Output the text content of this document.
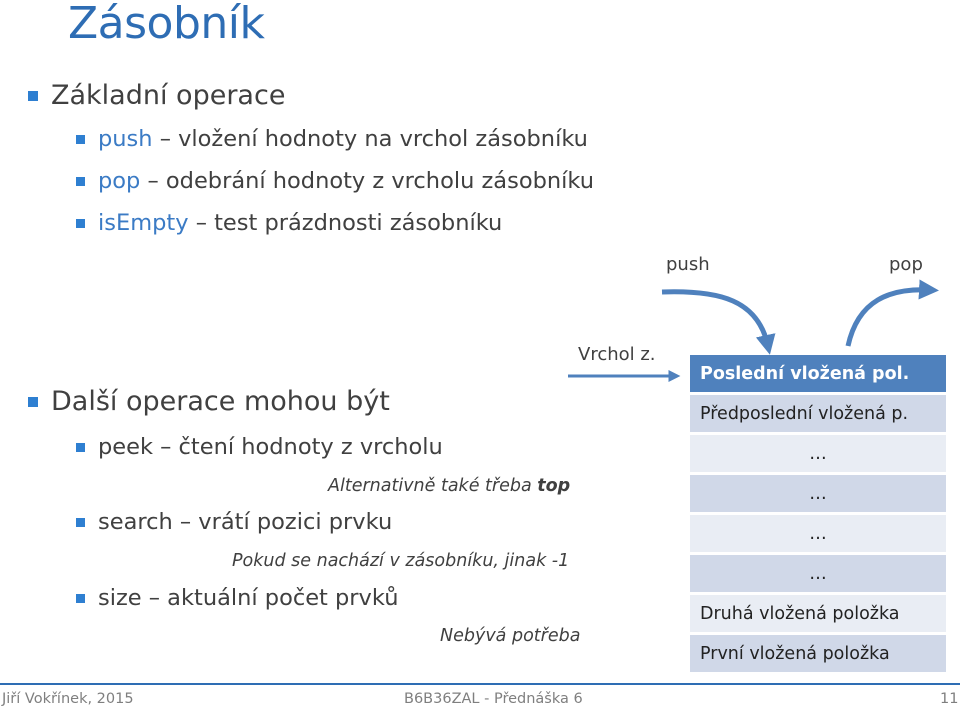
Zásobník
Základní operace
push
– vložení hodnoty na vrchol zásobníku
pop
– odebrání hodnoty z vrcholu zásobníku
isEmpty
– test prázdnosti zásobníku
Další operace mohou být
peek – čtení hodnoty z vrcholu
Alternativně také třeba top
search – vrátí pozici prvku
Pokud se nachází v zásobníku, jinak -1
size – aktuální počet prvků
Nebývá potřeba
push	pop
Vrchol z.
Poslední vložená pol.
Předposlední vložená p.
…
…
…
…
Druhá vložená položka
První vložená položka
Jiří Vokřínek, 2015	B6B36ZAL - Přednáška 6	11
